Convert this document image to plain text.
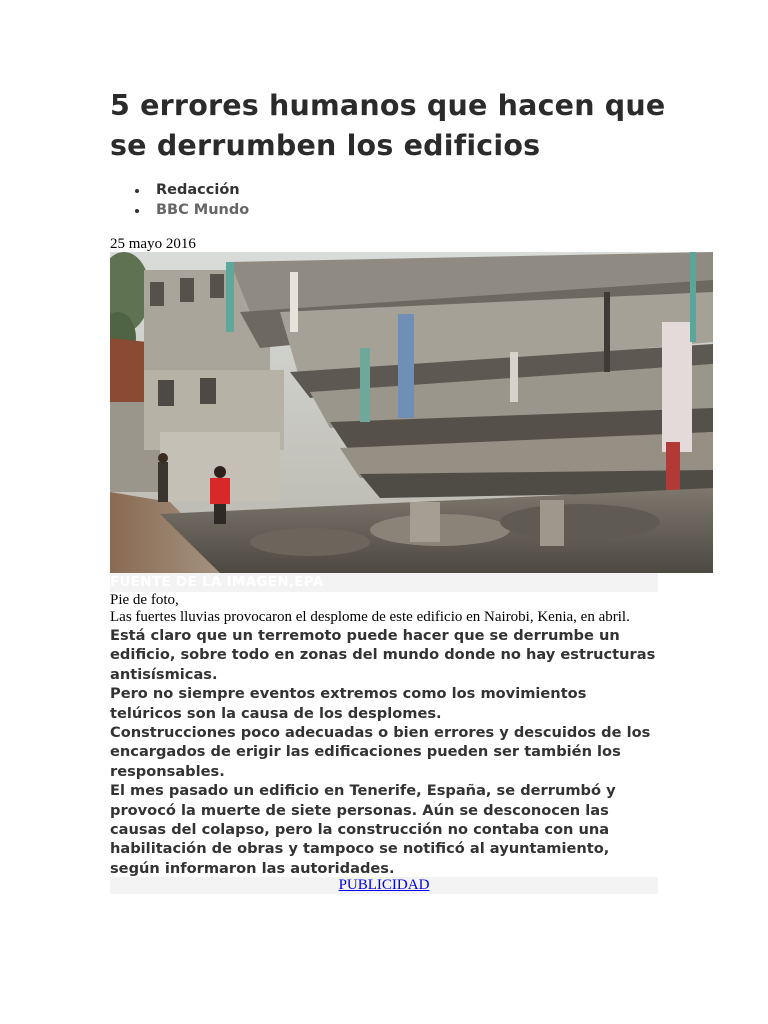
5 errores humanos que hacen que se derrumben los edificios
Redacción
BBC Mundo
25 mayo 2016
FUENTE DE LA IMAGEN,EPA
Pie de foto,
Las fuertes lluvias provocaron el desplome de este edificio en Nairobi, Kenia, en abril.

Está claro que un terremoto puede hacer que se derrumbe un edificio, sobre todo en zonas del mundo donde no hay estructuras antisísmicas.

Pero no siempre eventos extremos como los movimientos telúricos son la causa de los desplomes.

Construcciones poco adecuadas o bien errores y descuidos de los encargados de erigir las edificaciones pueden ser también los responsables.

El mes pasado un edificio en Tenerife, España, se derrumbó y provocó la muerte de siete personas. Aún se desconocen las causas del colapso, pero la construcción no contaba con una habilitación de obras y tampoco se notificó al ayuntamiento, según informaron las autoridades.

PUBLICIDAD
